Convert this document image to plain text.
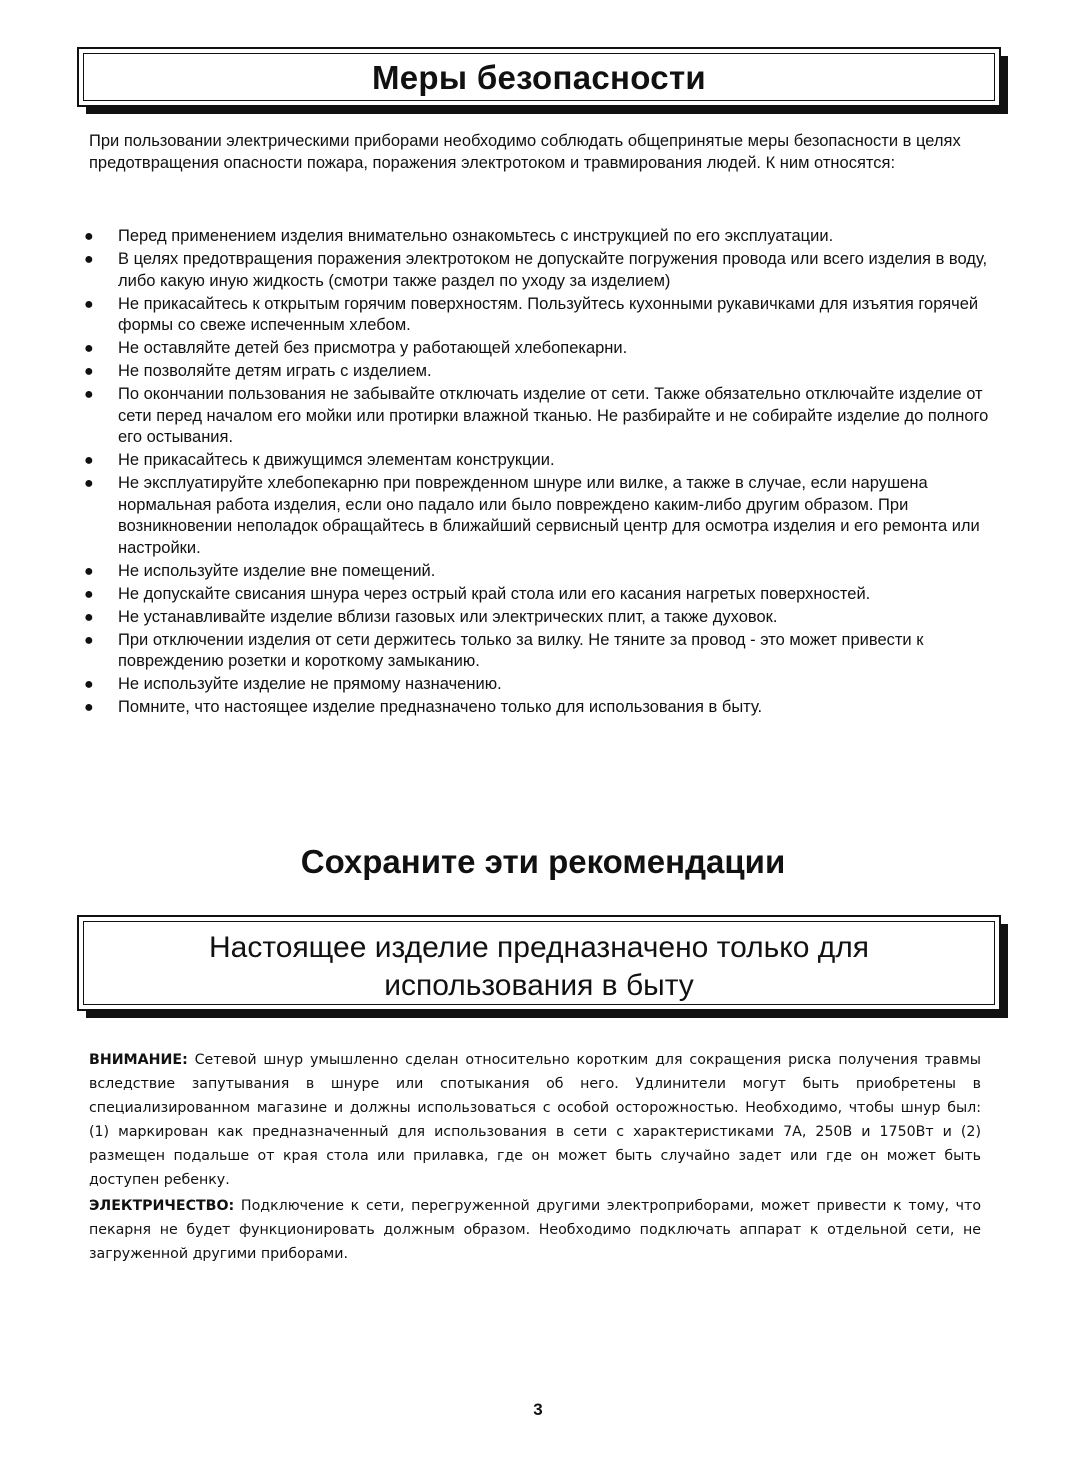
Меры безопасности
При пользовании электрическими приборами необходимо соблюдать общепринятые меры безопасности в целях предотвращения опасности пожара, поражения электротоком и травмирования людей. К ним относятся:
● Перед применением изделия внимательно ознакомьтесь с инструкцией по его эксплуатации.
● В целях предотвращения поражения электротоком не допускайте погружения провода или всего изделия в воду, либо какую иную жидкость (смотри также раздел по уходу за изделием)
● Не прикасайтесь к открытым горячим поверхностям. Пользуйтесь кухонными рукавичками для изъятия горячей формы со свеже испеченным хлебом.
● Не оставляйте детей без присмотра у работающей хлебопекарни.
● Не позволяйте детям играть с изделием.
● По окончании пользования не забывайте отключать изделие от сети. Также обязательно отключайте изделие от сети перед началом его мойки или протирки влажной тканью. Не разбирайте и не собирайте изделие до полного его остывания.
● Не прикасайтесь к движущимся элементам конструкции.
● Не эксплуатируйте хлебопекарню при поврежденном шнуре или вилке, а также в случае, если нарушена нормальная работа изделия, если оно падало или было повреждено каким-либо другим образом. При возникновении неполадок обращайтесь в ближайший сервисный центр для осмотра изделия и его ремонта или настройки.
● Не используйте изделие вне помещений.
● Не допускайте свисания шнура через острый край стола или его касания нагретых поверхностей.
● Не устанавливайте изделие вблизи газовых или электрических плит, а также духовок.
● При отключении изделия от сети держитесь только за вилку. Не тяните за провод - это может привести к повреждению розетки и короткому замыканию.
● Не используйте изделие не прямому назначению.
● Помните, что настоящее изделие предназначено только для использования в быту.
Сохраните эти рекомендации
Настоящее изделие предназначено только для
использования в быту

ВНИМАНИЕ: Сетевой шнур умышленно сделан относительно коротким для сокращения риска получения травмы вследствие запутывания в шнуре или спотыкания об него. Удлинители могут быть приобретены в специализированном магазине и должны использоваться с особой осторожностью. Необходимо, чтобы шнур был: (1) маркирован как предназначенный для использования в сети с характеристиками 7А, 250В и 1750Вт и (2) размещен подальше от края стола или прилавка, где он может быть случайно задет или где он может быть доступен ребенку.

ЭЛЕКТРИЧЕСТВО: Подключение к сети, перегруженной другими электроприборами, может привести к тому, что пекарня не будет функционировать должным образом. Необходимо подключать аппарат к отдельной сети, не загруженной другими приборами.

3
